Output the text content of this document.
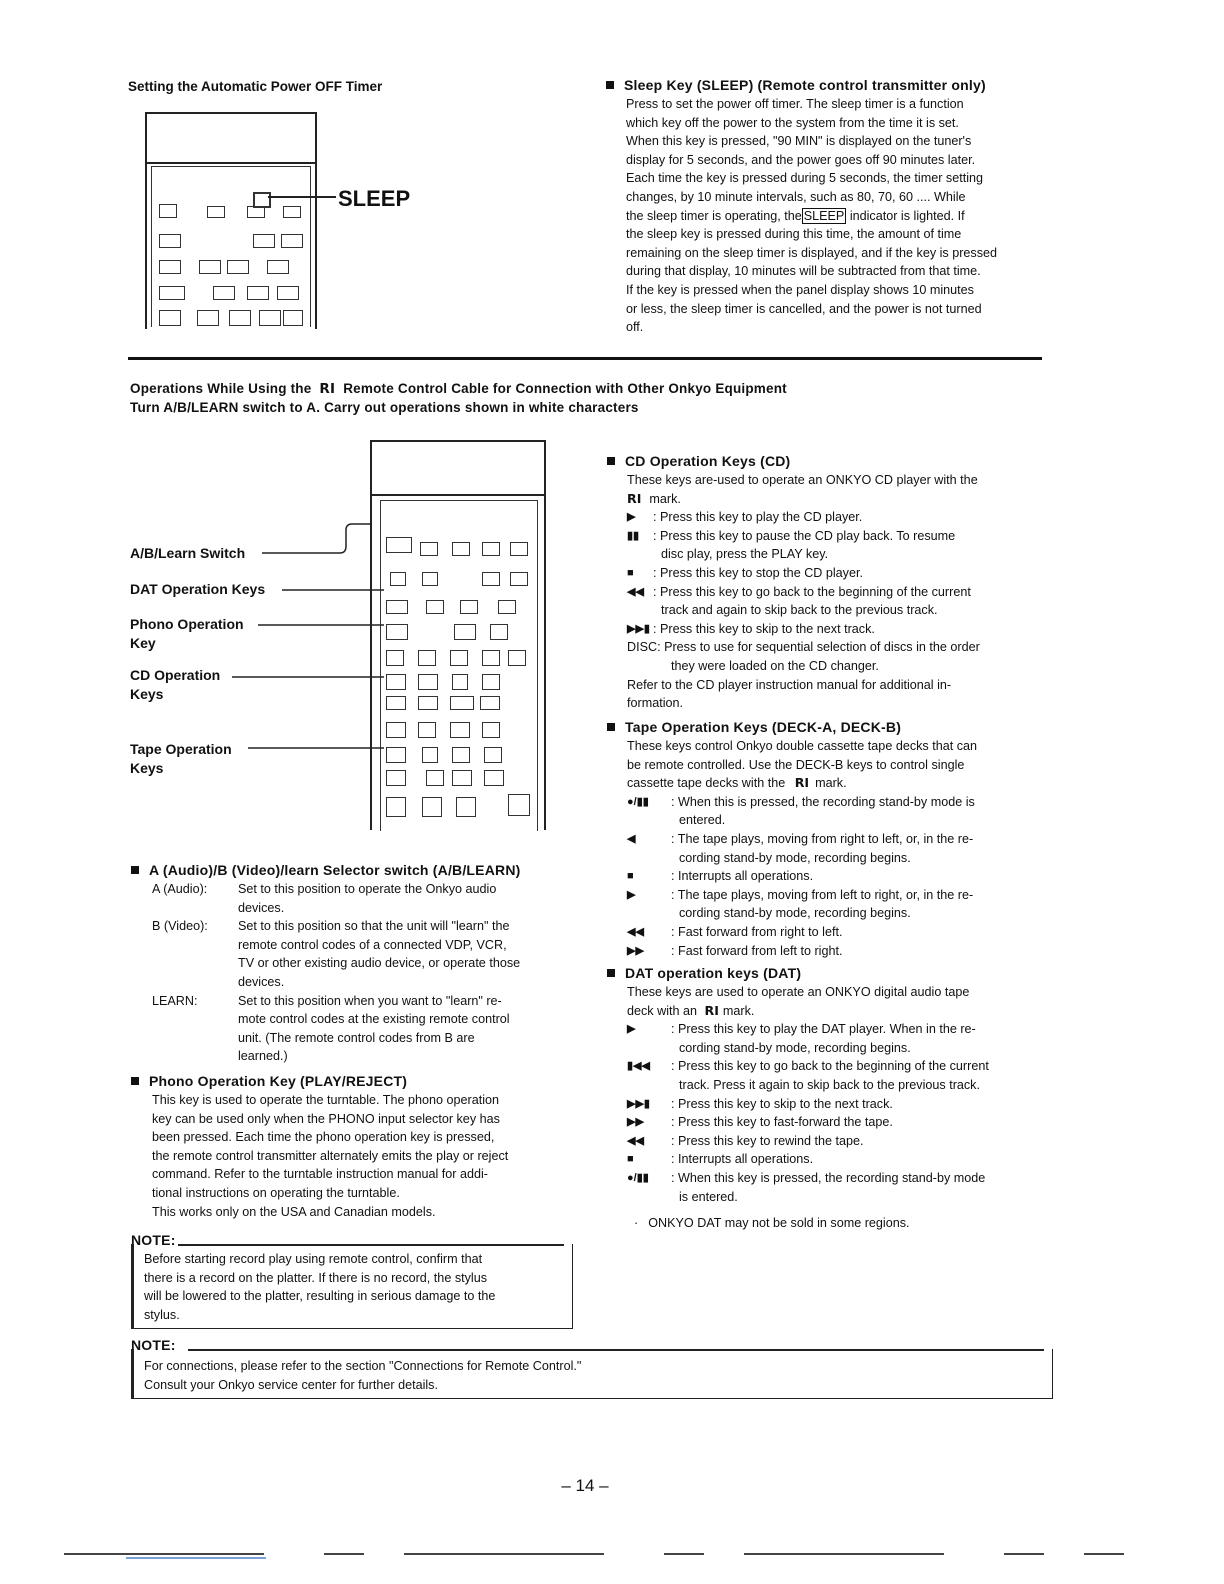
Setting the Automatic Power OFF Timer
SLEEP
Sleep Key (SLEEP) (Remote control transmitter only)
Press to set the power off timer. The sleep timer is a function
which key off the power to the system from the time it is set.
When this key is pressed, "90 MIN" is displayed on the tuner's
display for 5 seconds, and the power goes off 90 minutes later.
Each time the key is pressed during 5 seconds, the timer setting
changes, by 10 minute intervals, such as 80, 70, 60 .... While
the sleep timer is operating, the SLEEP indicator is lighted. If
the sleep key is pressed during this time, the amount of time
remaining on the sleep timer is displayed, and if the key is pressed
during that display, 10 minutes will be subtracted from that time.
If the key is pressed when the panel display shows 10 minutes
or less, the sleep timer is cancelled, and the power is not turned
off.
Operations While Using the RI Remote Control Cable for Connection with Other Onkyo Equipment
Turn A/B/LEARN switch to A. Carry out operations shown in white characters
A/B/Learn Switch
DAT Operation Keys
Phono Operation
Key
CD Operation
Keys
Tape Operation
Keys
A (Audio)/B (Video)/learn Selector switch (A/B/LEARN)
A (Audio):	Set to this position to operate the Onkyo audio
devices.
B (Video):	Set to this position so that the unit will "learn" the
remote control codes of a connected VDP, VCR,
TV or other existing audio device, or operate those
devices.
LEARN:	Set to this position when you want to "learn" re-
mote control codes at the existing remote control
unit. (The remote control codes from B are
learned.)
Phono Operation Key (PLAY/REJECT)
This key is used to operate the turntable. The phono operation
key can be used only when the PHONO input selector key has
been pressed. Each time the phono operation key is pressed,
the remote control transmitter alternately emits the play or reject
command. Refer to the turntable instruction manual for addi-
tional instructions on operating the turntable.
This works only on the USA and Canadian models.
NOTE:
Before starting record play using remote control, confirm that
there is a record on the platter. If there is no record, the stylus
will be lowered to the platter, resulting in serious damage to the
stylus.
NOTE:
For connections, please refer to the section "Connections for Remote Control."
Consult your Onkyo service center for further details.
CD Operation Keys (CD)
These keys are-used to operate an ONKYO CD player with the
RI mark.
▶	: Press this key to play the CD player.
▮▮	: Press this key to pause the CD play back. To resume
disc play, press the PLAY key.
■	: Press this key to stop the CD player.
◀◀ : Press this key to go back to the beginning of the current
track and again to skip back to the previous track.
▶▶▮ : Press this key to skip to the next track.
DISC: Press to use for sequential selection of discs in the order
they were loaded on the CD changer.
Refer to the CD player instruction manual for additional in-
formation.
Tape Operation Keys (DECK-A, DECK-B)
These keys control Onkyo double cassette tape decks that can
be remote controlled. Use the DECK-B keys to control single
cassette tape decks with the RI mark.
●/▮▮	: When this is pressed, the recording stand-by mode is
entered.
◀	: The tape plays, moving from right to left, or, in the re-
cording stand-by mode, recording begins.
■	: Interrupts all operations.
▶	: The tape plays, moving from left to right, or, in the re-
cording stand-by mode, recording begins.
◀◀	: Fast forward from right to left.
▶▶	: Fast forward from left to right.
DAT operation keys (DAT)
These keys are used to operate an ONKYO digital audio tape
deck with an RI mark.
▶	: Press this key to play the DAT player. When in the re-
cording stand-by mode, recording begins.
▮◀◀	: Press this key to go back to the beginning of the current
track. Press it again to skip back to the previous track.
▶▶▮	: Press this key to skip to the next track.
▶▶	: Press this key to fast-forward the tape.
◀◀	: Press this key to rewind the tape.
■	: Interrupts all operations.
●/▮▮	: When this key is pressed, the recording stand-by mode
is entered.
· ONKYO DAT may not be sold in some regions.
– 14 –
